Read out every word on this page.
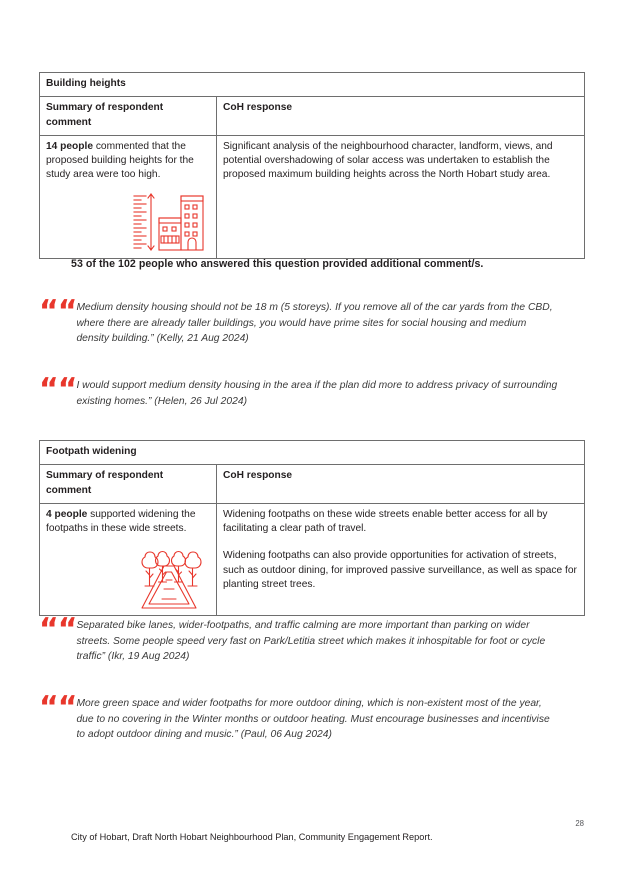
Building heights	
Summary of respondent comment	CoH response

14 people commented that the proposed building heights for the study area were too high.	Significant analysis of the neighbourhood character, landform, views, and potential overshadowing of solar access was undertaken to establish the proposed maximum building heights across the North Hobart study area.

53 of the 102 people who answered this question provided additional comment/s.
““ Medium density housing should not be 18 m (5 storeys). If you remove all of the car yards from the CBD, where there are already taller buildings, you would have prime sites for social housing and medium density building.” (Kelly, 21 Aug 2024)
““ I would support medium density housing in the area if the plan did more to address privacy of surrounding existing homes.” (Helen, 26 Jul 2024)
Footpath widening	
Summary of respondent comment	CoH response

4 people supported widening the footpaths in these wide streets.	Widening footpaths on these wide streets enable better access for all by facilitating a clear path of travel.

Widening footpaths can also provide opportunities for activation of streets, such as outdoor dining, for improved passive surveillance, as well as space for planting street trees.

““ Separated bike lanes, wider-footpaths, and traffic calming are more important than parking on wider streets. Some people speed very fast on Park/Letitia street which makes it inhospitable for foot or cycle traffic” (Ikr, 19 Aug 2024)
““ More green space and wider footpaths for more outdoor dining, which is non-existent most of the year, due to no covering in the Winter months or outdoor heating. Must encourage businesses and incentivise to adopt outdoor dining and music.” (Paul, 06 Aug 2024)
28
City of Hobart, Draft North Hobart Neighbourhood Plan, Community Engagement Report.
